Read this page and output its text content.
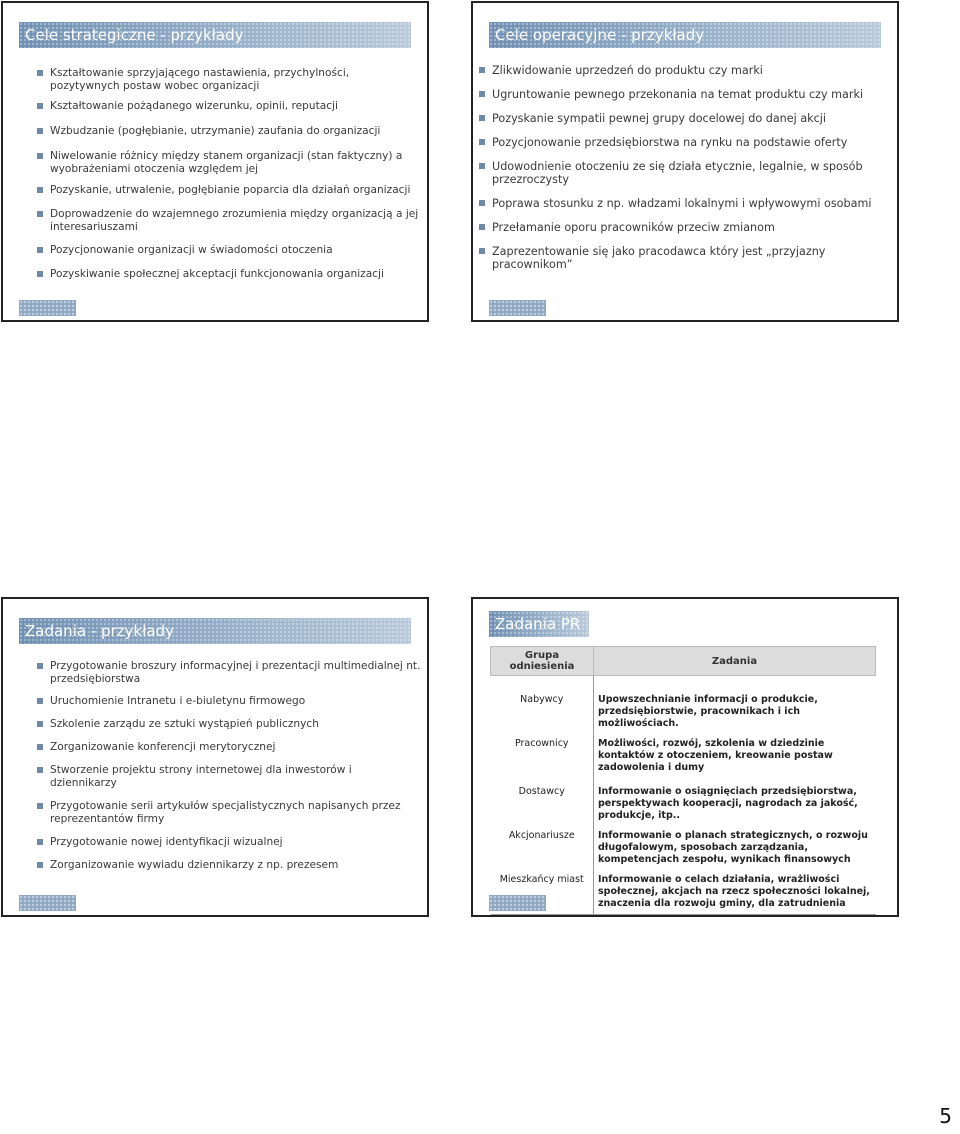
Cele strategiczne - przykłady
Kształtowanie sprzyjającego nastawienia, przychylności, pozytywnych postaw wobec organizacji
Kształtowanie pożądanego wizerunku, opinii, reputacji
Wzbudzanie (pogłębianie, utrzymanie) zaufania do organizacji
Niwelowanie różnicy między stanem organizacji (stan faktyczny) a wyobrażeniami otoczenia względem jej
Pozyskanie, utrwalenie, pogłębianie poparcia dla działań organizacji
Doprowadzenie do wzajemnego zrozumienia między organizacją a jej interesariuszami
Pozycjonowanie organizacji w świadomości otoczenia
Pozyskiwanie społecznej akceptacji funkcjonowania organizacji
Cele operacyjne - przykłady
Zlikwidowanie uprzedzeń do produktu czy marki
Ugruntowanie pewnego przekonania na temat produktu czy marki
Pozyskanie sympatii pewnej grupy docelowej do danej akcji
Pozycjonowanie przedsiębiorstwa na rynku na podstawie oferty
Udowodnienie otoczeniu ze się działa etycznie, legalnie, w sposób przezroczysty
Poprawa stosunku z np. władzami lokalnymi i wpływowymi osobami
Przełamanie oporu pracowników przeciw zmianom
Zaprezentowanie się jako pracodawca który jest „przyjazny pracownikom”
Zadania - przykłady
Przygotowanie broszury informacyjnej i prezentacji multimedialnej nt. przedsiębiorstwa
Uruchomienie Intranetu i e-biuletynu firmowego
Szkolenie zarządu ze sztuki wystąpień publicznych
Zorganizowanie konferencji merytorycznej
Stworzenie projektu strony internetowej dla inwestorów i dziennikarzy
Przygotowanie serii artykułów specjalistycznych napisanych przez reprezentantów firmy
Przygotowanie nowej identyfikacji wizualnej
Zorganizowanie wywiadu dziennikarzy z np. prezesem
Zadania PR
Grupa odniesienia	Zadania
Nabywcy	Upowszechnianie informacji o produkcie, przedsiębiorstwie, pracownikach i ich możliwościach.
Pracownicy	Możliwości, rozwój, szkolenia w dziedzinie kontaktów z otoczeniem, kreowanie postaw zadowolenia i dumy
Dostawcy	Informowanie o osiągnięciach przedsiębiorstwa, perspektywach kooperacji, nagrodach za jakość, produkcje, itp..
Akcjonariusze	Informowanie o planach strategicznych, o rozwoju długofalowym, sposobach zarządzania, kompetencjach zespołu, wynikach finansowych
Mieszkańcy miast	Informowanie o celach działania, wrażliwości społecznej, akcjach na rzecz społeczności lokalnej, znaczenia dla rozwoju gminy, dla zatrudnienia
5
